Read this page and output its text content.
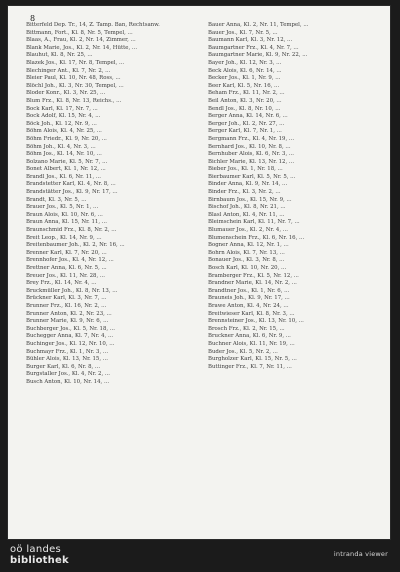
8
Bitterfeld Dep. Tr., 14, Z. Tamp. Ban, Rechtsanw.
Bittmann, Fort., Kl. 8, Nr. 5, Tempel, ...
Blaas, A., Frau, Kl. 2, Nr. 14, Zimmer, ...
Blank Marie, Jos., Kl. 2, Nr. 14, Hütte, ...
Blauhut, Kl. 8, Nr. 25, ...
Blazek Jos., Kl. 17, Nr. 8, Tempel, ...
Blechinger Ant., Kl. 7, Nr. 2, ...
Bleier Paul, Kl. 10, Nr. 48, Ross, ...
Blöchl Joh., Kl. 3, Nr. 30, Tempel, ...
Bloder Konr., Kl. 3, Nr. 25, ...
Blum Frz., Kl. 8, Nr. 13, Reichs., ...
Bock Karl, Kl. 17, Nr. 7, ...
Bock Adolf, Kl. 15, Nr. 4, ...
Böck Joh., Kl. 12, Nr. 9, ...
Böhm Alois, Kl. 4, Nr. 25, ...
Böhm Friedr., Kl. 9, Nr. 20, ...
Böhm Joh., Kl. 4, Nr. 3, ...
Böhm Jos., Kl. 14, Nr. 10, ...
Bolzano Marie, Kl. 5, Nr. 7, ...
Bonet Albert, Kl. 1, Nr. 12, ...
Brandl Jos., Kl. 6, Nr. 11, ...
Brandstetter Karl, Kl. 4, Nr. 8, ...
Brandstätter Jos., Kl. 9, Nr. 17, ...
Brandt, Kl. 3, Nr. 5, ...
Brauer Jos., Kl. 5, Nr. 1, ...
Braun Alois, Kl. 10, Nr. 6, ...
Braun Anna, Kl. 15, Nr. 11, ...
Braunschmid Frz., Kl. 8, Nr. 2, ...
Breit Leop., Kl. 14, Nr. 9, ...
Breitenbaumer Joh., Kl. 2, Nr. 16, ...
Brenner Karl, Kl. 7, Nr. 20, ...
Brennhofer Jos., Kl. 4, Nr. 12, ...
Brettner Anna, Kl. 6, Nr. 5, ...
Breuer Jos., Kl. 11, Nr. 28, ...
Brey Frz., Kl. 14, Nr. 4, ...
Bruckmüller Joh., Kl. 8, Nr. 13, ...
Brückner Karl, Kl. 3, Nr. 7, ...
Brunner Frz., Kl. 16, Nr. 2, ...
Brunner Anton, Kl. 2, Nr. 23, ...
Brunner Marie, Kl. 9, Nr. 6, ...
Buchberger Jos., Kl. 5, Nr. 18, ...
Buchegger Anna, Kl. 7, Nr. 4, ...
Buchinger Jos., Kl. 12, Nr. 10, ...
Buchmayr Frz., Kl. 1, Nr. 3, ...
Bühler Alois, Kl. 13, Nr. 15, ...
Burger Karl, Kl. 6, Nr. 8, ...
Burgstaller Jos., Kl. 4, Nr. 2, ...
Busch Anton, Kl. 10, Nr. 14, ...
Bauer Anna, Kl. 2, Nr. 11, Tempel, ...
Bauer Jos., Kl. 7, Nr. 5, ...
Baumann Karl, Kl. 3, Nr. 12, ...
Baumgartner Frz., Kl. 4, Nr. 7, ...
Baumgartner Marie, Kl. 9, Nr. 22, ...
Bayer Joh., Kl. 12, Nr. 3, ...
Beck Alois, Kl. 6, Nr. 14, ...
Becker Jos., Kl. 1, Nr. 9, ...
Beer Karl, Kl. 5, Nr. 16, ...
Beham Frz., Kl. 11, Nr. 2, ...
Beil Anton, Kl. 3, Nr. 20, ...
Bendl Jos., Kl. 8, Nr. 10, ...
Berger Anna, Kl. 14, Nr. 6, ...
Berger Joh., Kl. 2, Nr. 27, ...
Berger Karl, Kl. 7, Nr. 1, ...
Bergmann Frz., Kl. 4, Nr. 19, ...
Bernhard Jos., Kl. 10, Nr. 8, ...
Bernhuber Alois, Kl. 6, Nr. 3, ...
Bichler Marie, Kl. 13, Nr. 12, ...
Bieber Jos., Kl. 1, Nr. 18, ...
Bierbaumer Karl, Kl. 5, Nr. 5, ...
Binder Anna, Kl. 9, Nr. 14, ...
Binder Frz., Kl. 3, Nr. 2, ...
Birnbaum Jos., Kl. 15, Nr. 9, ...
Bischof Joh., Kl. 8, Nr. 21, ...
Blasl Anton, Kl. 4, Nr. 11, ...
Bleimschein Karl, Kl. 11, Nr. 7, ...
Blumauer Jos., Kl. 2, Nr. 4, ...
Blumenschein Frz., Kl. 6, Nr. 16, ...
Bogner Anna, Kl. 12, Nr. 1, ...
Bohrn Alois, Kl. 7, Nr. 13, ...
Bonauer Jos., Kl. 3, Nr. 8, ...
Bosch Karl, Kl. 10, Nr. 20, ...
Bramberger Frz., Kl. 5, Nr. 12, ...
Brandner Marie, Kl. 14, Nr. 2, ...
Brandtner Jos., Kl. 1, Nr. 6, ...
Brauneis Joh., Kl. 9, Nr. 17, ...
Brawe Anton, Kl. 4, Nr. 24, ...
Breitwieser Karl, Kl. 8, Nr. 3, ...
Brennsteiner Jos., Kl. 13, Nr. 10, ...
Brosch Frz., Kl. 2, Nr. 15, ...
Bruckner Anna, Kl. 6, Nr. 9, ...
Buchner Alois, Kl. 11, Nr. 19, ...
Buder Jos., Kl. 5, Nr. 2, ...
Burgholzer Karl, Kl. 15, Nr. 5, ...
Buttinger Frz., Kl. 7, Nr. 11, ...
oö landes
bibliothek
intranda viewer
